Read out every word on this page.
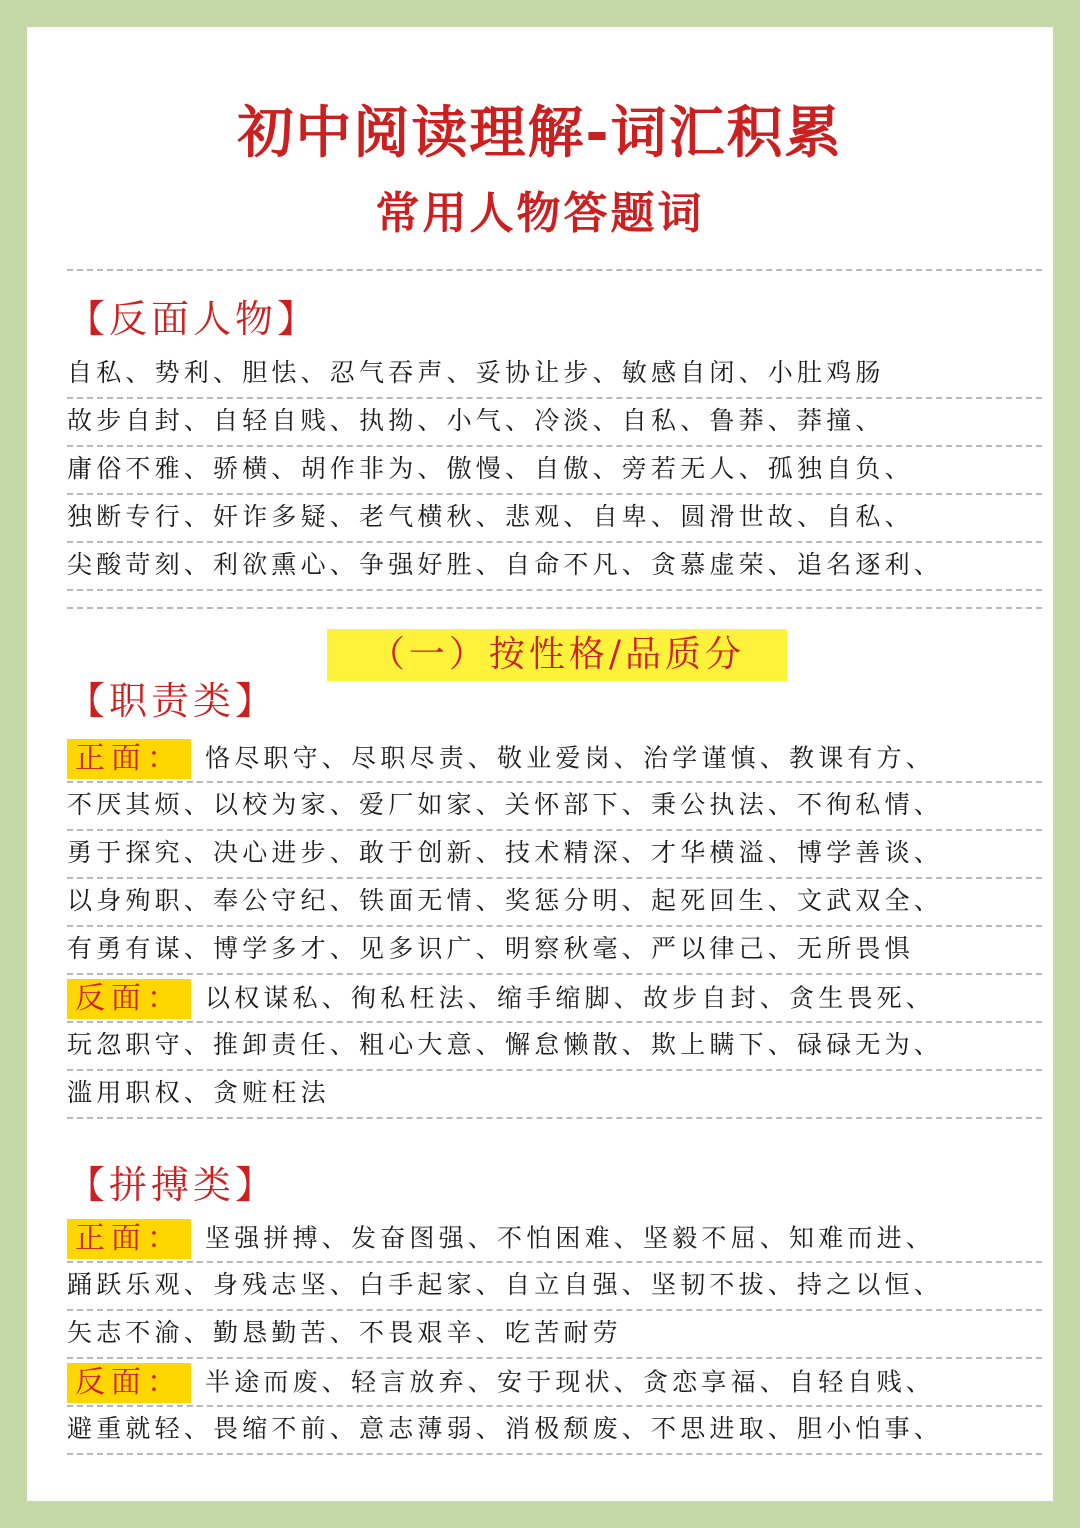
初中阅读理解-词汇积累
常用人物答题词
【反面人物】
自私、势利、胆怯、忍气吞声、妥协让步、敏感自闭、小肚鸡肠
故步自封、自轻自贱、执拗、小气、冷淡、自私、鲁莽、莽撞、
庸俗不雅、骄横、胡作非为、傲慢、自傲、旁若无人、孤独自负、
独断专行、奸诈多疑、老气横秋、悲观、自卑、圆滑世故、自私、
尖酸苛刻、利欲熏心、争强好胜、自命不凡、贪慕虚荣、追名逐利、
（一）按性格/品质分
【职责类】
正面： 恪尽职守、尽职尽责、敬业爱岗、治学谨慎、教课有方、
不厌其烦、以校为家、爱厂如家、关怀部下、秉公执法、不徇私情、
勇于探究、决心进步、敢于创新、技术精深、才华横溢、博学善谈、
以身殉职、奉公守纪、铁面无情、奖惩分明、起死回生、文武双全、
有勇有谋、博学多才、见多识广、明察秋毫、严以律己、无所畏惧
反面： 以权谋私、徇私枉法、缩手缩脚、故步自封、贪生畏死、
玩忽职守、推卸责任、粗心大意、懈怠懒散、欺上瞒下、碌碌无为、
滥用职权、贪赃枉法
【拼搏类】
正面： 坚强拼搏、发奋图强、不怕困难、坚毅不屈、知难而进、
踊跃乐观、身残志坚、白手起家、自立自强、坚韧不拔、持之以恒、
矢志不渝、勤恳勤苦、不畏艰辛、吃苦耐劳
反面： 半途而废、轻言放弃、安于现状、贪恋享福、自轻自贱、
避重就轻、畏缩不前、意志薄弱、消极颓废、不思进取、胆小怕事、
